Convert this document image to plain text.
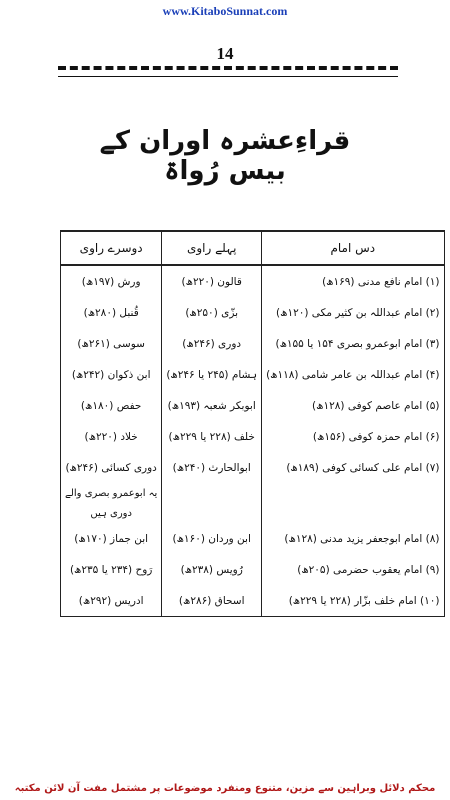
www.KitaboSunnat.com
14
قراءِعشرہ اوران کے بیس رُواۃ
دس امام	پہلے راوی	دوسرے راوی
(۱) امام نافع مدنی (۱۶۹ھ)	قالون (۲۲۰ھ)	ورش (۱۹۷ھ)
(۲) امام عبداللہ بن کثیر مکی (۱۲۰ھ)	بزّی (۲۵۰ھ)	قُنبل (۲۸۰ھ)
(۳) امام ابوعمرو بصری ۱۵۴ یا ۱۵۵ھ)	دوری (۲۴۶ھ)	سوسی (۲۶۱ھ)
(۴) امام عبداللہ بن عامر شامی (۱۱۸ھ)	ہشام (۲۴۵ یا ۲۴۶ھ)	ابن ذکوان (۲۴۲ھ)
(۵) امام عاصم کوفی (۱۲۸ھ)	ابوبکر شعبہ (۱۹۳ھ)	حفص (۱۸۰ھ)
(۶) امام حمزہ کوفی (۱۵۶ھ)	خلف (۲۲۸ یا ۲۲۹ھ)	خلاد (۲۲۰ھ)
(۷) امام علی کسائی کوفی (۱۸۹ھ)	ابوالحارث (۲۴۰ھ)	دوری کسائی (۲۴۶ھ)
		یہ ابوعمرو بصری والے
		دوری ہیں
(۸) امام ابوجعفر یزید مدنی (۱۲۸ھ)	ابن وردان (۱۶۰ھ)	ابن جماز (۱۷۰ھ)
(۹) امام یعقوب حضرمی (۲۰۵ھ)	رُویس (۲۳۸ھ)	رَوح (۲۳۴ یا ۲۳۵ھ)
(۱۰) امام خلف بزّار (۲۲۸ یا ۲۲۹ھ)	اسحاق (۲۸۶ھ)	ادریس (۲۹۲ھ)
محکم دلائل وبراہین سے مزین، متنوع ومنفرد موضوعات پر مشتمل مفت آن لائن مکتبہ
